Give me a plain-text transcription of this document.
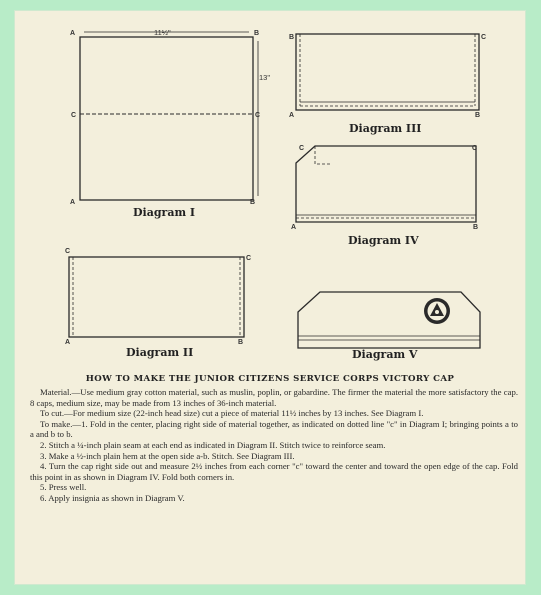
A	B
C	C
A	B
11½"
13"
B	C
A	B
C	C
A	B
C
C
A	B
Diagram I
Diagram III
Diagram IV
Diagram II	Diagram V
HOW TO MAKE THE JUNIOR CITIZENS SERVICE CORPS VICTORY CAP

Material.—Use medium gray cotton material, such as muslin, poplin, or gabardine. The firmer the material the more satisfactory the cap. 8 caps, medium size, may be made from 13 inches of 36-inch material.

To cut.—For medium size (22-inch head size) cut a piece of material 11½ inches by 13 inches. See Diagram I.

To make.—1. Fold in the center, placing right side of material together, as indicated on dotted line "c" in Diagram I; bringing points a to a and b to b.

2. Stitch a ¼-inch plain seam at each end as indicated in Diagram II. Stitch twice to reinforce seam.

3. Make a ½-inch plain hem at the open side a-b. Stitch. See Diagram III.

4. Turn the cap right side out and measure 2½ inches from each corner "c" toward the center and toward the open edge of the cap. Fold this point in as shown in Diagram IV. Fold both corners in.

5. Press well.

6. Apply insignia as shown in Diagram V.
